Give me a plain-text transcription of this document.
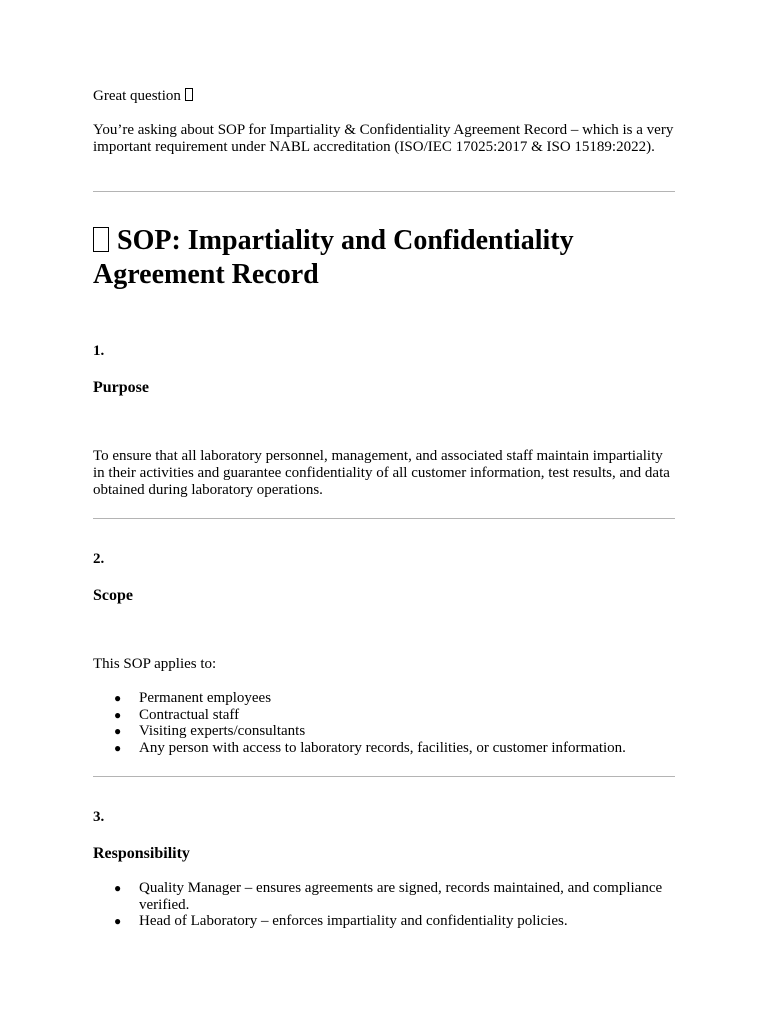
Great question

You’re asking about SOP for Impartiality & Confidentiality Agreement Record – which is a very important requirement under NABL accreditation (ISO/IEC 17025:2017 & ISO 15189:2022).

SOP: Impartiality and Confidentiality Agreement Record

1.

Purpose

To ensure that all laboratory personnel, management, and associated staff maintain impartiality in their activities and guarantee confidentiality of all customer information, test results, and data obtained during laboratory operations.

2.

Scope

This SOP applies to:

● Permanent employees
● Contractual staff
● Visiting experts/consultants
● Any person with access to laboratory records, facilities, or customer information.

3.

Responsibility

● Quality Manager – ensures agreements are signed, records maintained, and compliance verified.
● Head of Laboratory – enforces impartiality and confidentiality policies.
